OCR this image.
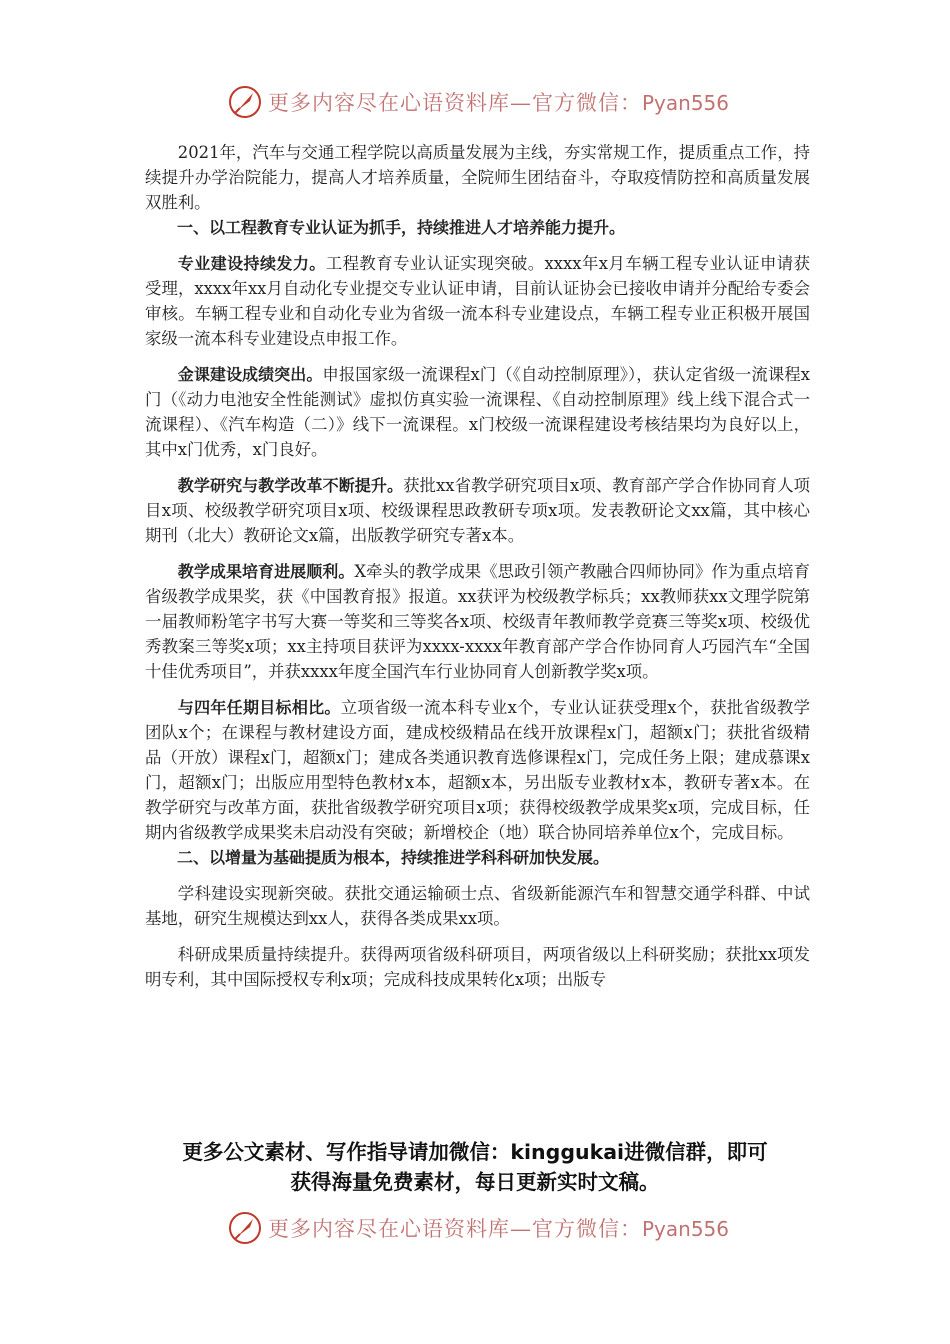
更多内容尽在心语资料库—官方微信：Pyan556

2021年，汽车与交通工程学院以高质量发展为主线，夯实常规工作，提质重点工作，持续提升办学治院能力，提高人才培养质量，全院师生团结奋斗，夺取疫情防控和高质量发展双胜利。

一、以工程教育专业认证为抓手，持续推进人才培养能力提升。

专业建设持续发力。工程教育专业认证实现突破。xxxx年x月车辆工程专业认证申请获受理，xxxx年xx月自动化专业提交专业认证申请，目前认证协会已接收申请并分配给专委会审核。车辆工程专业和自动化专业为省级一流本科专业建设点，车辆工程专业正积极开展国家级一流本科专业建设点申报工作。

金课建设成绩突出。申报国家级一流课程x门（《自动控制原理》），获认定省级一流课程x门（《动力电池安全性能测试》虚拟仿真实验一流课程、《自动控制原理》线上线下混合式一流课程）、《汽车构造（二）》线下一流课程。x门校级一流课程建设考核结果均为良好以上，其中x门优秀，x门良好。

教学研究与教学改革不断提升。获批xx省教学研究项目x项、教育部产学合作协同育人项目x项、校级教学研究项目x项、校级课程思政教研专项x项。发表教研论文xx篇，其中核心期刊（北大）教研论文x篇，出版教学研究专著x本。

教学成果培育进展顺利。X牵头的教学成果《思政引领产教融合四师协同》作为重点培育省级教学成果奖，获《中国教育报》报道。xx获评为校级教学标兵；xx教师获xx文理学院第一届教师粉笔字书写大赛一等奖和三等奖各x项、校级青年教师教学竞赛三等奖x项、校级优秀教案三等奖x项；xx主持项目获评为xxxx-xxxx年教育部产学合作协同育人巧园汽车“全国十佳优秀项目”，并获xxxx年度全国汽车行业协同育人创新教学奖x项。

与四年任期目标相比。立项省级一流本科专业x个，专业认证获受理x个，获批省级教学团队x个；在课程与教材建设方面，建成校级精品在线开放课程x门，超额x门；获批省级精品（开放）课程x门，超额x门；建成各类通识教育选修课程x门，完成任务上限；建成慕课x门，超额x门；出版应用型特色教材x本，超额x本，另出版专业教材x本，教研专著x本。在教学研究与改革方面，获批省级教学研究项目x项；获得校级教学成果奖x项，完成目标，任期内省级教学成果奖未启动没有突破；新增校企（地）联合协同培养单位x个，完成目标。

二、以增量为基础提质为根本，持续推进学科科研加快发展。

学科建设实现新突破。获批交通运输硕士点、省级新能源汽车和智慧交通学科群、中试基地，研究生规模达到xx人，获得各类成果xx项。

科研成果质量持续提升。获得两项省级科研项目，两项省级以上科研奖励；获批xx项发明专利，其中国际授权专利x项；完成科技成果转化x项；出版专

更多公文素材、写作指导请加微信：kinggukai进微信群，即可
获得海量免费素材，每日更新实时文稿。
更多内容尽在心语资料库—官方微信：Pyan556
